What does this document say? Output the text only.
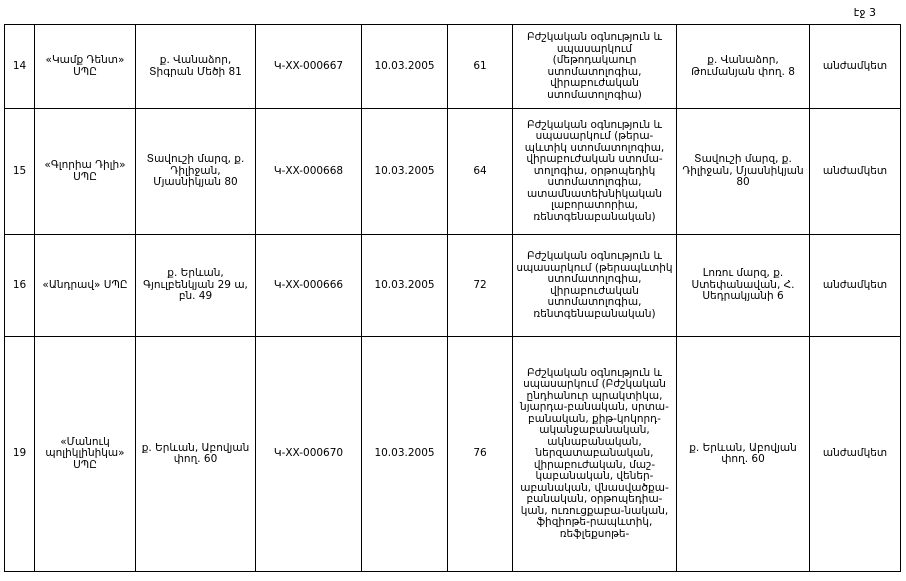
էջ 3
14	«Կամք Դենտ» ՍՊԸ	ք. Վանաձոր, Տիգրան Մեծի 81	Կ-XX-000667	10.03.2005	61	Բժշկական օգնություն և սպասարկում (մեթոդակաուր ստոմատոլոգիա, վիրաբուժական ստոմատոլոգիա)	ք. Վանաձոր, Թումանյան փող. 8	անժամկետ
15	«Գլորիա Դիլի» ՍՊԸ	Տավուշի մարզ, ք. Դիլիջան, Մյասնիկյան 80	Կ-XX-000668	10.03.2005	64	Բժշկական օգնություն և սպասարկում (թերա-պևտիկ ստոմատոլոգիա, վիրաբուժական ստոմա-տոլոգիա, օրթոպեդիկ ստոմատոլոգիա, ատամնատեխնիկական լաբորատորիա, ռենտգենաբանական)	Տավուշի մարզ, ք. Դիլիջան, Մյասնիկյան 80	անժամկետ
16	«Անդրավ» ՍՊԸ	ք. Երևան, Գյուլբենկյան 29 ա, բն. 49	Կ-XX-000666	10.03.2005	72	Բժշկական օգնություն և սպասարկում (թերապևտիկ ստոմատոլոգիա, վիրաբուժական ստոմատոլոգիա, ռենտգենաբանական)	Լոռու մարզ, ք. Ստեփանավան, Հ. Սեդրակյանի 6	անժամկետ
19	«Մանուկ պոլիկլինիկա» ՍՊԸ	ք. Երևան, Աբովյան փող. 60	Կ-XX-000670	10.03.2005	76	Բժշկական օգնություն և սպասարկում (Բժշկական ընդհանուր պրակտիկա, նյարդա-բանական, սրտա-բանական, քիթ-կոկորդ-ականջաբանական, ակնաբանական, ներզատաբանական, վիրաբուժական, մաշ-կաբանական, վեներ-աբանական, վնասվածքա-բանական, օրթոպեդիա-կան, ուռուցքաբա-նական, ֆիզիոթե-րապևտիկ, ռեֆլեքսոթե-	ք. Երևան, Աբովյան փող. 60	անժամկետ
